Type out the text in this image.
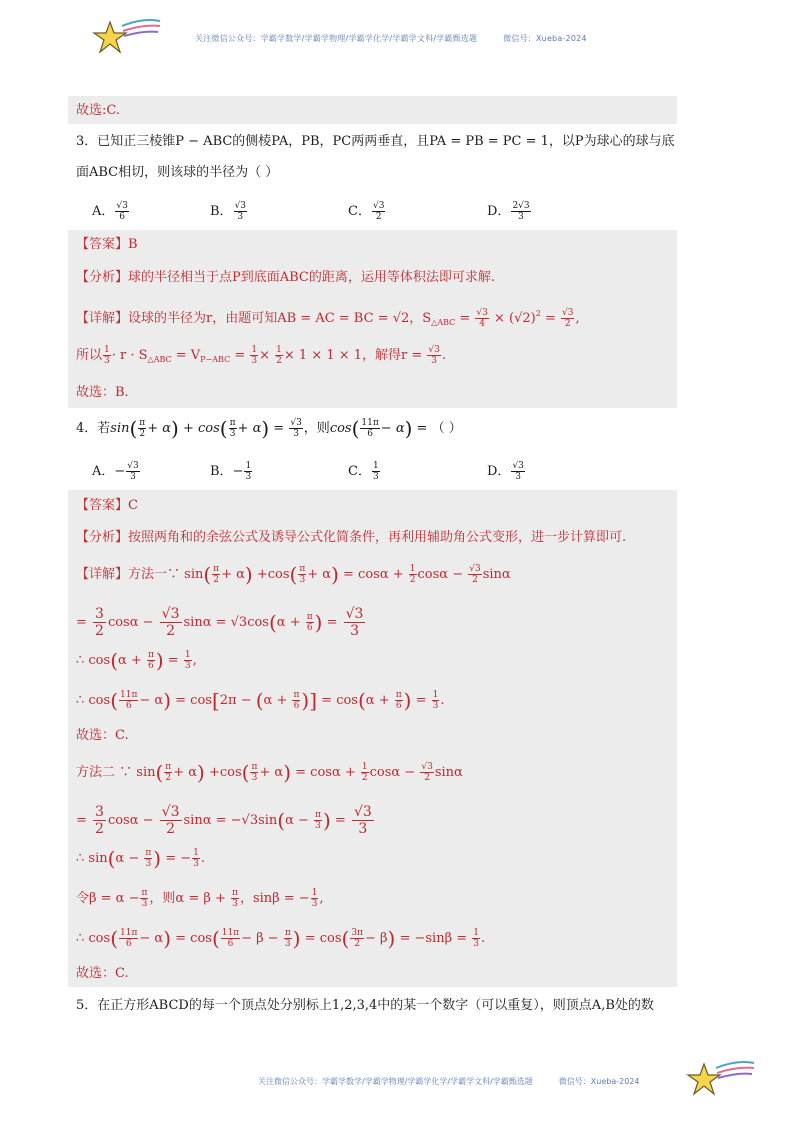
关注微信公众号：学霸学数学/学霸学物理/学霸学化学/学霸学文科/学霸甄选题	微信号：Xueba-2024
故选:C.
3．已知正三棱锥P − ABC的侧棱PA，PB，PC两两垂直，且PA = PB = PC = 1，以P为球心的球与底
面ABC相切，则该球的半径为（ ）
A． $\frac{√3}{6}$	B． $\frac{√3}{3}$	C． $\frac{√3}{2}$	D． $\frac{2√3}{3}$
【答案】B
【分析】球的半径相当于点P到底面ABC的距离，运用等体积法即可求解.
【详解】设球的半径为r，由题可知AB = AC = BC = √2，$S_{\triangle ABC} = \frac{√3}{4} \times (√2)^2 = \frac{√3}{2}$ ,
所以 $\frac{1}{3} \cdot r \cdot S_{\triangle ABC} = V_{P-ABC} = \frac{1}{3} \times \frac{1}{2} \times 1 \times 1 \times 1$，解得$r = \frac{√3}{3}$ .
故选：B.
4．若$\sin( \frac{\pi}{2} + \alpha) + \cos( \frac{\pi}{3} + \alpha) = \frac{√3}{3}$ ，则$\cos( \frac{11\pi}{6} - \alpha)$ = （ ）
A．− $\frac{√3}{3}$	B．− $\frac{1}{3}$	C． $\frac{1}{3}$	D． $\frac{√3}{3}$
【答案】C
【分析】按照两角和的余弦公式及诱导公式化简条件，再利用辅助角公式变形，进一步计算即可.
【详解】方法一∵ $\sin( \frac{\pi}{2} + \alpha) +\cos( \frac{\pi}{3} + \alpha) = \cos\alpha + \frac{1}{2}$ $\cos\alpha - \frac{√3}{2}$ sinα
= $\frac{3}{2}$ $\cos\alpha - \frac{√3}{2}$ $\sin\alpha = √3\cos(\alpha + \frac{\pi}{6}$ ) = $\frac{√3}{3}$
∴ $\cos(\alpha + \frac{\pi}{6}$ ) = $\frac{1}{3}$ ,
∴ $\cos( \frac{11\pi}{6} - \alpha) = \cos[2\pi - (\alpha + \frac{\pi}{6}$ )] = $\cos(\alpha + \frac{\pi}{6}$ ) = $\frac{1}{3}$ .
故选：C.
方法二 ∵ $\sin( \frac{\pi}{2} + \alpha) +\cos( \frac{\pi}{3} + \alpha) = \cos\alpha + \frac{1}{2}$ $\cos\alpha - \frac{√3}{2}$ sinα
= $\frac{3}{2}$ $\cos\alpha - \frac{√3}{2}$ $\sin\alpha = -√3\sin(\alpha - \frac{\pi}{3}$ ) = $\frac{√3}{3}$
∴ $\sin(\alpha - \frac{\pi}{3}$ ) = − $\frac{1}{3}$ .
令$\beta = \alpha - \frac{\pi}{3}$ ，则$\alpha = \beta + \frac{\pi}{3}$ ，sinβ = − $\frac{1}{3}$ ,
∴ $\cos( \frac{11\pi}{6} - \alpha) = \cos( \frac{11\pi}{6} - \beta - \frac{\pi}{3}$ ) = $\cos( \frac{3\pi}{2} - \beta) = -\sin\beta = \frac{1}{3}$ .
故选：C.
5．在正方形ABCD的每一个顶点处分别标上1,2,3,4中的某一个数字（可以重复），则顶点A,B处的数
关注微信公众号：学霸学数学/学霸学物理/学霸学化学/学霸学文科/学霸甄选题	微信号：Xueba-2024
